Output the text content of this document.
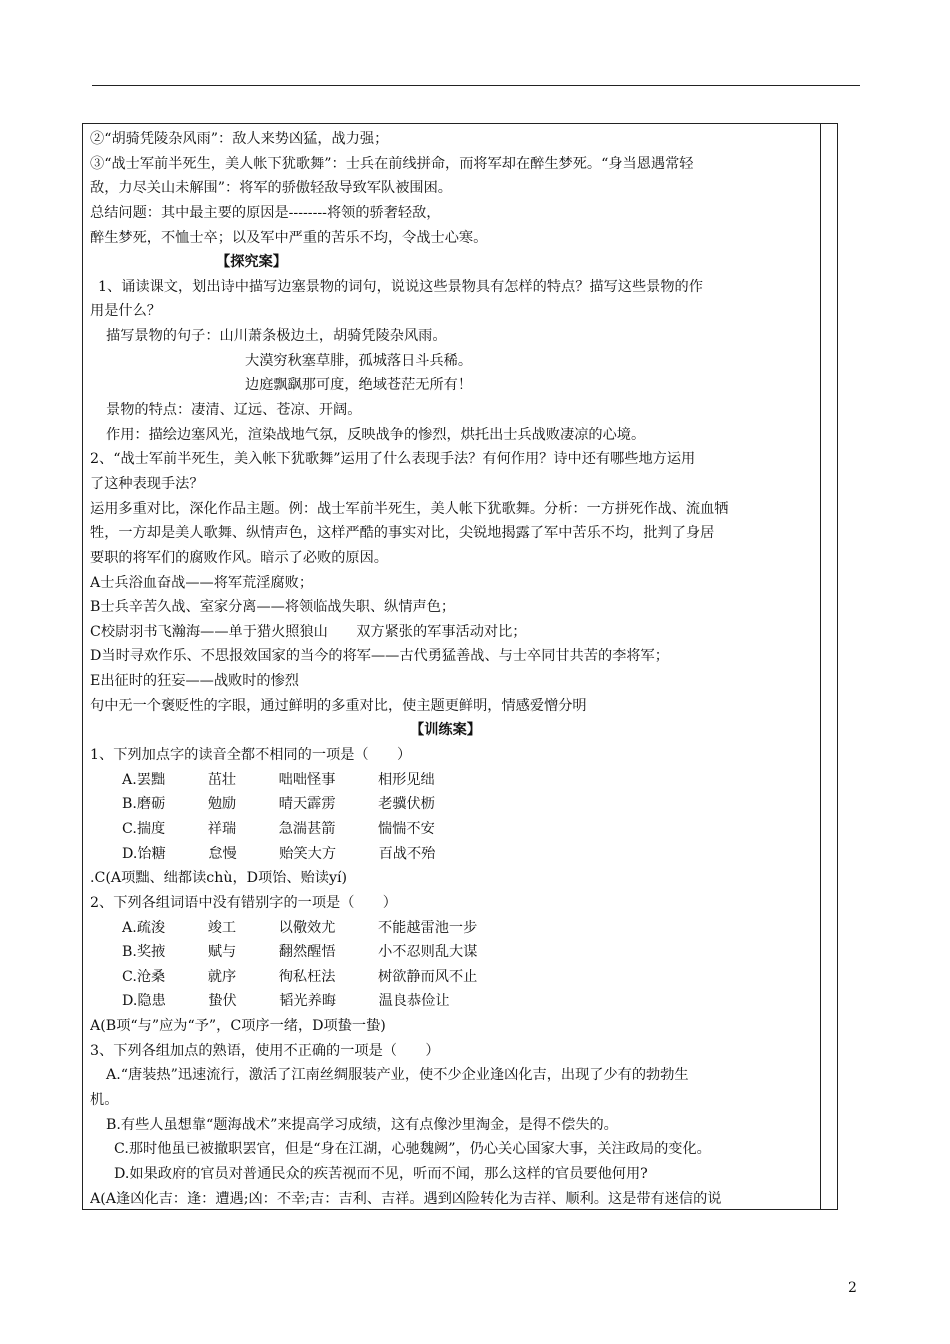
②“胡骑凭陵杂风雨”：敌人来势凶猛，战力强；
③“战士军前半死生，美人帐下犹歌舞”：士兵在前线拼命，而将军却在醉生梦死。“身当恩遇常轻
敌，力尽关山未解围”：将军的骄傲轻敌导致军队被围困。
总结问题：其中最主要的原因是--------将领的骄奢轻敌，
醉生梦死，不恤士卒；以及军中严重的苦乐不均，令战士心寒。
【探究案】
1、诵读课文，划出诗中描写边塞景物的词句，说说这些景物具有怎样的特点？描写这些景物的作
用是什么？
描写景物的句子：山川萧条极边土，胡骑凭陵杂风雨。
大漠穷秋塞草腓，孤城落日斗兵稀。
边庭飘飖那可度，绝域苍茫无所有！
景物的特点：凄清、辽远、苍凉、开阔。
作用：描绘边塞风光，渲染战地气氛，反映战争的惨烈，烘托出士兵战败凄凉的心境。
2、“战士军前半死生，美入帐下犹歌舞”运用了什么表现手法？有何作用？诗中还有哪些地方运用
了这种表现手法？
运用多重对比，深化作品主题。例：战士军前半死生，美人帐下犹歌舞。分析：一方拼死作战、流血牺
牲，一方却是美人歌舞、纵情声色，这样严酷的事实对比，尖锐地揭露了军中苦乐不均，批判了身居
要职的将军们的腐败作风。暗示了必败的原因。
A士兵浴血奋战——将军荒淫腐败；
B士兵辛苦久战、室家分离——将领临战失职、纵情声色；
C校尉羽书飞瀚海——单于猎火照狼山　　双方紧张的军事活动对比；
D当时寻欢作乐、不思报效国家的当今的将军——古代勇猛善战、与士卒同甘共苦的李将军；
E出征时的狂妄——战败时的惨烈
句中无一个褒贬性的字眼，通过鲜明的多重对比，使主题更鲜明，情感爱憎分明
【训练案】
1、下列加点字的读音全都不相同的一项是（　　）
A.罢黜　　　茁壮　　　咄咄怪事　　　相形见绌
B.磨砺　　　勉励　　　晴天霹雳　　　老骥伏枥
C.揣度　　　祥瑞　　　急湍甚箭　　　惴惴不安
D.饴糖　　　怠慢　　　贻笑大方　　　百战不殆
.C(A项黜、绌都读chù，D项饴、贻读yí)
2、下列各组词语中没有错别字的一项是（　　）
A.疏浚　　　竣工　　　以儆效尤　　　不能越雷池一步
B.奖掖　　　赋与　　　翻然醒悟　　　小不忍则乱大谋
C.沧桑　　　就序　　　徇私枉法　　　树欲静而风不止
D.隐患　　　蛰伏　　　韬光养晦　　　温良恭俭让
A(B项“与”应为“予”，C项序一绪，D项蛰一蛰)
3、下列各组加点的熟语，使用不正确的一项是（　　）
A.“唐装热”迅速流行，激活了江南丝绸服装产业，使不少企业逢凶化吉，出现了少有的勃勃生
机。
B.有些人虽想靠“题海战术”来提高学习成绩，这有点像沙里淘金，是得不偿失的。
C.那时他虽已被撤职罢官，但是“身在江湖，心驰魏阙”，仍心关心国家大事，关注政局的变化。
D.如果政府的官员对普通民众的疾苦视而不见，听而不闻，那么这样的官员要他何用?
A(A逢凶化吉：逢：遭遇;凶：不幸;吉：吉利、吉祥。遇到凶险转化为吉祥、顺利。这是带有迷信的说
2
